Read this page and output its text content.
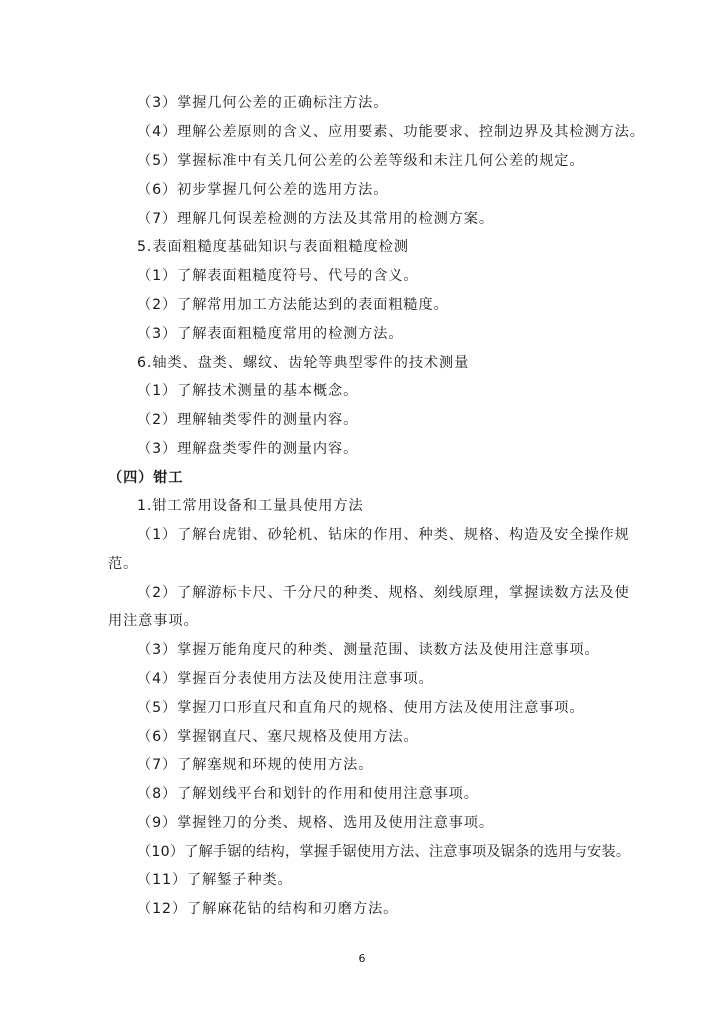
（3）掌握几何公差的正确标注方法。
（4）理解公差原则的含义、应用要素、功能要求、控制边界及其检测方法。
（5）掌握标准中有关几何公差的公差等级和未注几何公差的规定。
（6）初步掌握几何公差的选用方法。
（7）理解几何误差检测的方法及其常用的检测方案。
5.表面粗糙度基础知识与表面粗糙度检测
（1）了解表面粗糙度符号、代号的含义。
（2）了解常用加工方法能达到的表面粗糙度。
（3）了解表面粗糙度常用的检测方法。
6.轴类、盘类、螺纹、齿轮等典型零件的技术测量
（1）了解技术测量的基本概念。
（2）理解轴类零件的测量内容。
（3）理解盘类零件的测量内容。
（四）钳工
1.钳工常用设备和工量具使用方法
（1）了解台虎钳、砂轮机、钻床的作用、种类、规格、构造及安全操作规
范。
（2）了解游标卡尺、千分尺的种类、规格、刻线原理，掌握读数方法及使
用注意事项。
（3）掌握万能角度尺的种类、测量范围、读数方法及使用注意事项。
（4）掌握百分表使用方法及使用注意事项。
（5）掌握刀口形直尺和直角尺的规格、使用方法及使用注意事项。
（6）掌握钢直尺、塞尺规格及使用方法。
（7）了解塞规和环规的使用方法。
（8）了解划线平台和划针的作用和使用注意事项。
（9）掌握锉刀的分类、规格、选用及使用注意事项。
（10）了解手锯的结构，掌握手锯使用方法、注意事项及锯条的选用与安装。
（11）了解錾子种类。
（12）了解麻花钻的结构和刃磨方法。
6
